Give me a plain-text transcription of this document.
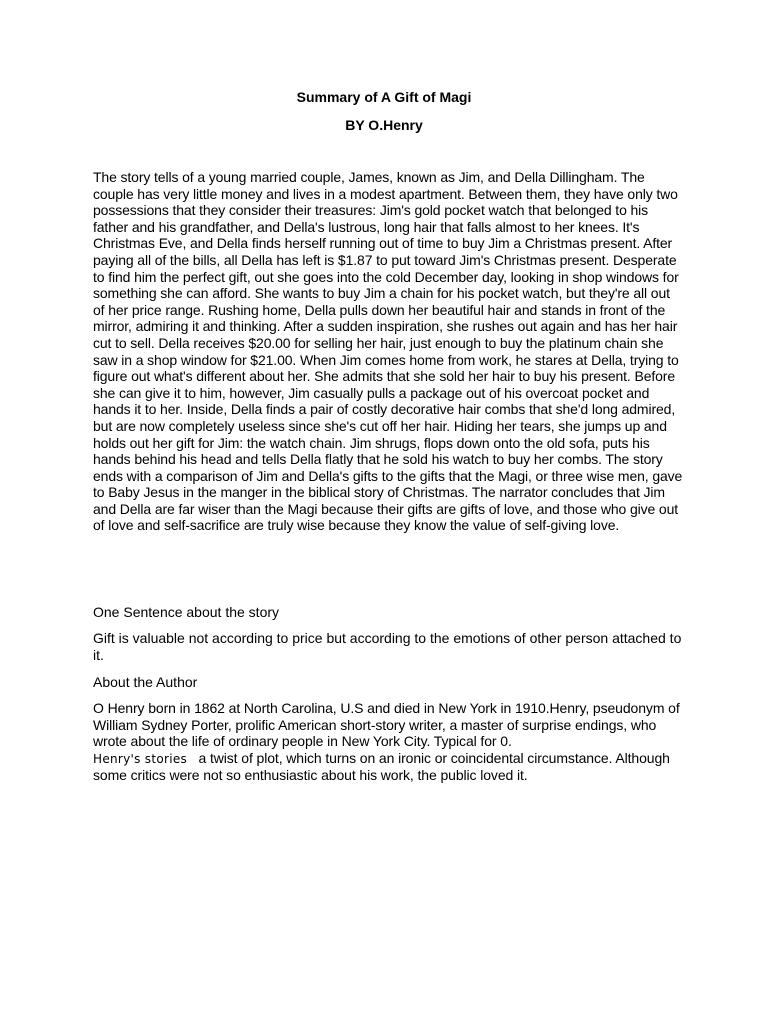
Summary of A Gift of Magi
BY O.Henry

The story tells of a young married couple, James, known as Jim, and Della Dillingham. The couple has very little money and lives in a modest apartment. Between them, they have only two possessions that they consider their treasures: Jim's gold pocket watch that belonged to his father and his grandfather, and Della's lustrous, long hair that falls almost to her knees. It's Christmas Eve, and Della finds herself running out of time to buy Jim a Christmas present. After paying all of the bills, all Della has left is $1.87 to put toward Jim's Christmas present. Desperate to find him the perfect gift, out she goes into the cold December day, looking in shop windows for something she can afford. She wants to buy Jim a chain for his pocket watch, but they're all out of her price range. Rushing home, Della pulls down her beautiful hair and stands in front of the mirror, admiring it and thinking. After a sudden inspiration, she rushes out again and has her hair cut to sell. Della receives $20.00 for selling her hair, just enough to buy the platinum chain she saw in a shop window for $21.00. When Jim comes home from work, he stares at Della, trying to figure out what's different about her. She admits that she sold her hair to buy his present. Before she can give it to him, however, Jim casually pulls a package out of his overcoat pocket and hands it to her. Inside, Della finds a pair of costly decorative hair combs that she'd long admired, but are now completely useless since she's cut off her hair. Hiding her tears, she jumps up and holds out her gift for Jim: the watch chain. Jim shrugs, flops down onto the old sofa, puts his hands behind his head and tells Della flatly that he sold his watch to buy her combs. The story ends with a comparison of Jim and Della's gifts to the gifts that the Magi, or three wise men, gave to Baby Jesus in the manger in the biblical story of Christmas. The narrator concludes that Jim and Della are far wiser than the Magi because their gifts are gifts of love, and those who give out of love and self-sacrifice are truly wise because they know the value of self-giving love.

One Sentence about the story

Gift is valuable not according to price but according to the emotions of other person attached to it.

About the Author

O Henry born in 1862 at North Carolina, U.S and died in New York in 1910.Henry, pseudonym of William Sydney Porter, prolific American short-story writer, a master of surprise endings, who wrote about the life of ordinary people in New York City. Typical for 0.
Henry's stories   a twist of plot, which turns on an ironic or coincidental circumstance. Although some critics were not so enthusiastic about his work, the public loved it.
